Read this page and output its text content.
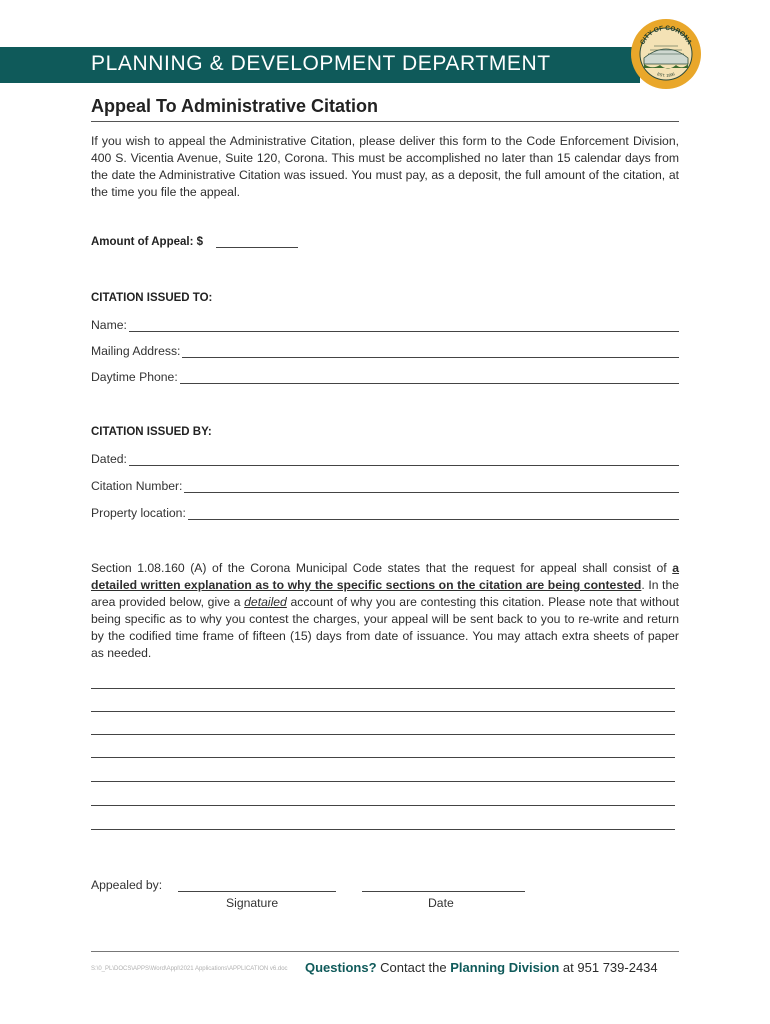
PLANNING & DEVELOPMENT DEPARTMENT
CITY OF CORONA
EST. 1896
Appeal To Administrative Citation
If you wish to appeal the Administrative Citation, please deliver this form to the Code Enforcement Division, 400 S. Vicentia Avenue, Suite 120, Corona. This must be accomplished no later than 15 calendar days from the date the Administrative Citation was issued. You must pay, as a deposit, the full amount of the citation, at the time you file the appeal.
Amount of Appeal: $
CITATION ISSUED TO:
Name:
Mailing Address:
Daytime Phone:
CITATION ISSUED BY:
Dated:
Citation Number:
Property location:
Section 1.08.160 (A) of the Corona Municipal Code states that the request for appeal shall consist of a detailed written explanation as to why the specific sections on the citation are being contested. In the area provided below, give a detailed account of why you are contesting this citation. Please note that without being specific as to why you contest the charges, your appeal will be sent back to you to re-write and return by the codified time frame of fifteen (15) days from date of issuance. You may attach extra sheets of paper as needed.
Appealed by:
Signature	Date
S:\0_PL\DOCS\APPS\Word\Appl\2021 Applications\APPLICATION v6.doc Questions? Contact the Planning Division at 951 739-2434
